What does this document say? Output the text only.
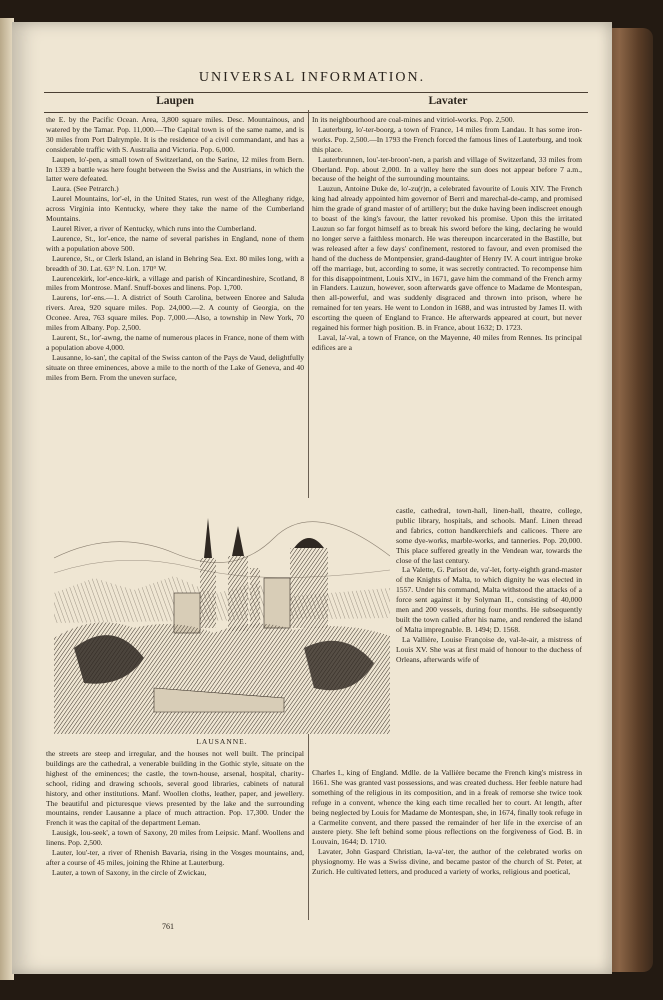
UNIVERSAL INFORMATION.
Laupen	Lavater

the E. by the Pacific Ocean. Area, 3,800 square miles. Desc. Mountainous, and watered by the Tamar. Pop. 11,000.—The Capital town is of the same name, and is 30 miles from Port Dalrymple. It is the residence of a civil commandant, and has a considerable traffic with S. Australia and Victoria. Pop. 6,000.

Laupen, lo'-pen, a small town of Switzerland, on the Sarine, 12 miles from Bern. In 1339 a battle was here fought between the Swiss and the Austrians, in which the latter were defeated.

Laura. (See Petrarch.)

Laurel Mountains, lor'-el, in the United States, run west of the Alleghany ridge, across Virginia into Kentucky, where they take the name of the Cumberland Mountains.

Laurel River, a river of Kentucky, which runs into the Cumberland.

Laurence, St., lor'-ence, the name of several parishes in England, none of them with a population above 500.

Laurence, St., or Clerk Island, an island in Behring Sea. Ext. 80 miles long, with a breadth of 30. Lat. 63° N. Lon. 170° W.

Laurencekirk, lor'-ence-kirk, a village and parish of Kincardineshire, Scotland, 8 miles from Montrose. Manf. Snuff-boxes and linens. Pop. 1,700.

Laurens, lor'-ens.—1. A district of South Carolina, between Enoree and Saluda rivers. Area, 920 square miles. Pop. 24,000.—2. A county of Georgia, on the Oconee. Area, 763 square miles. Pop. 7,000.—Also, a township in New York, 70 miles from Albany. Pop. 2,500.

Laurent, St., lor'-awng, the name of numerous places in France, none of them with a population above 4,000.

Lausanne, lo-san', the capital of the Swiss canton of the Pays de Vaud, delightfully situate on three eminences, above a mile to the north of the Lake of Geneva, and 40 miles from Bern. From the uneven surface,

LAUSANNE.

the streets are steep and irregular, and the houses not well built. The principal buildings are the cathedral, a venerable building in the Gothic style, situate on the highest of the eminences; the castle, the town-house, arsenal, hospital, charity-school, riding and drawing schools, several good libraries, cabinets of natural history, and other institutions. Manf. Woollen cloths, leather, paper, and jewellery. The beautiful and picturesque views presented by the lake and the surrounding mountains, render Lausanne a place of much attraction. Pop. 17,300. Under the French it was the capital of the department Leman.

Lausigk, lou-seek', a town of Saxony, 20 miles from Leipsic. Manf. Woollens and linens. Pop. 2,500.

Lauter, lou'-ter, a river of Rhenish Bavaria, rising in the Vosges mountains, and, after a course of 45 miles, joining the Rhine at Lauterburg.

Lauter, a town of Saxony, in the circle of Zwickau,

In its neighbourhood are coal-mines and vitriol-works. Pop. 2,500.

Lauterburg, lo'-ter-boorg, a town of France, 14 miles from Landau. It has some iron-works. Pop. 2,500.—In 1793 the French forced the famous lines of Lauterburg, and took this place.

Lauterbrunnen, lou'-ter-broon'-nen, a parish and village of Switzerland, 33 miles from Oberland. Pop. about 2,000. In a valley here the sun does not appear before 7 a.m., because of the height of the surrounding mountains.

Lauzun, Antoine Duke de, lo'-zu(r)n, a celebrated favourite of Louis XIV. The French king had already appointed him governor of Berri and marechal-de-camp, and promised him the grade of grand master of of artillery; but the duke having been indiscreet enough to boast of the king's favour, the latter revoked his promise. Upon this the irritated Lauzun so far forgot himself as to break his sword before the king, declaring he would no longer serve a faithless monarch. He was thereupon incarcerated in the Bastille, but was released after a few days' confinement, restored to favour, and even promised the hand of the duchess de Montpensier, grand-daughter of Henry IV. A court intrigue broke off the marriage, but, according to some, it was secretly contracted. To recompense him for this disappointment, Louis XIV., in 1671, gave him the command of the French army in Flanders. Lauzun, however, soon afterwards gave offence to Madame de Montespan, then all-powerful, and was suddenly disgraced and thrown into prison, where he remained for ten years. He went to London in 1688, and was intrusted by James II. with escorting the queen of England to France. He afterwards appeared at court, but never regained his former high position. B. in France, about 1632; D. 1723.

Laval, la'-val, a town of France, on the Mayenne, 40 miles from Rennes. Its principal edifices are a

castle, cathedral, town-hall, linen-hall, theatre, college, public library, hospitals, and schools. Manf. Linen thread and fabrics, cotton handkerchiefs and calicoes. There are some dye-works, marble-works, and tanneries. Pop. 20,000. This place suffered greatly in the Vendean war, towards the close of the last century.

La Valette, G. Parisot de, va'-let, forty-eighth grand-master of the Knights of Malta, to which dignity he was elected in 1557. Under his command, Malta withstood the attacks of a force sent against it by Solyman II., consisting of 40,000 men and 200 vessels, during four months. He subsequently built the town called after his name, and rendered the island of Malta impregnable. B. 1494; D. 1568.

La Vallière, Louise Françoise de, val-le-air, a mistress of Louis XV. She was at first maid of honour to the duchess of Orleans, afterwards wife of

Charles I., king of England. Mdlle. de la Vallière became the French king's mistress in 1661. She was granted vast possessions, and was created duchess. Her feeble nature had something of the religious in its composition, and in a freak of remorse she twice took refuge in a convent, whence the king each time recalled her to court. At length, after being neglected by Louis for Madame de Montespan, she, in 1674, finally took refuge in a Carmelite convent, and there passed the remainder of her life in the exercise of an austere piety. She left behind some pious reflections on the forgiveness of God. B. in Louvain, 1644; D. 1710.

Lavater, John Gaspard Christian, la-va'-ter, the author of the celebrated works on physiognomy. He was a Swiss divine, and became pastor of the church of St. Peter, at Zurich. He cultivated letters, and produced a variety of works, religious and poetical,

761
